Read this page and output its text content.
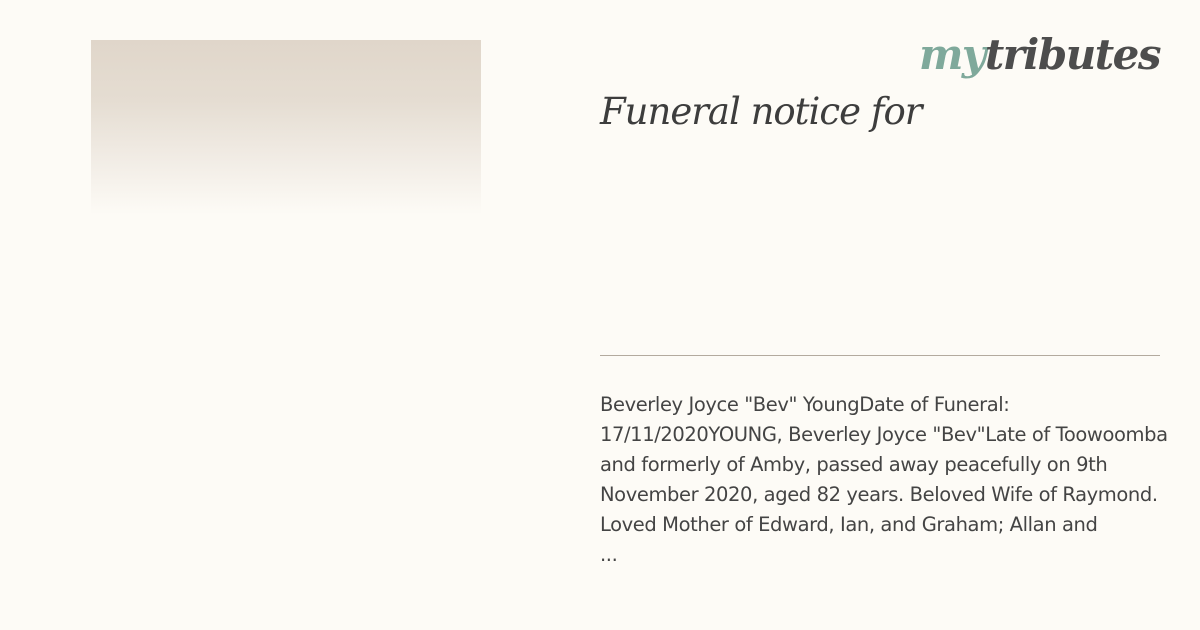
mytributes
Funeral notice for

Beverley Joyce "Bev" YoungDate of Funeral:
17/11/2020YOUNG, Beverley Joyce "Bev"Late of Toowoomba
and formerly of Amby, passed away peacefully on 9th
November 2020, aged 82 years. Beloved Wife of Raymond.
Loved Mother of Edward, Ian, and Graham; Allan and
...
